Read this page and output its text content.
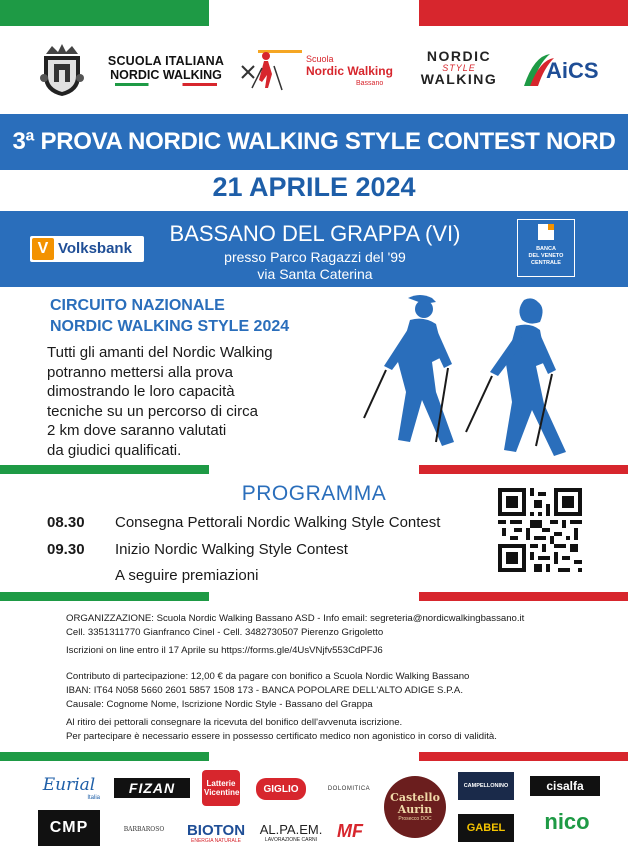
SCUOLA ITALIANA
NORDIC WALKING
Scuola
Nordic Walking
Bassano
NORDIC
STYLE
WALKING	AiCS
3ª PROVA NORDIC WALKING STYLE CONTEST NORD
21 APRILE 2024
V Volksbank
BASSANO DEL GRAPPA (VI)
presso Parco Ragazzi del '99
via Santa Caterina
BANCA
DEL VENETO
CENTRALE
CIRCUITO NAZIONALE
NORDIC WALKING STYLE 2024
Tutti gli amanti del Nordic Walking
potranno mettersi alla prova
dimostrando le loro capacità
tecniche su un percorso di circa
2 km dove saranno valutati
da giudici qualificati.
PROGRAMMA
08.30 Consegna Pettorali Nordic Walking Style Contest
09.30 Inizio Nordic Walking Style Contest
A seguire premiazioni
ORGANIZZAZIONE: Scuola Nordic Walking Bassano ASD - Info email: segreteria@nordicwalkingbassano.it
Cell. 3351311770 Gianfranco Cinel - Cell. 3482730507 Pierenzo Grigoletto
Iscrizioni on line entro il 17 Aprile su https://forms.gle/4UsVNjfv553CdPFJ6
Contributo di partecipazione: 12,00 € da pagare con bonifico a Scuola Nordic Walking Bassano
IBAN: IT64 N058 5660 2601 5857 1508 173 - BANCA POPOLARE DELL'ALTO ADIGE S.P.A.
Causale: Cognome Nome, Iscrizione Nordic Style - Bassano del Grappa
Al ritiro dei pettorali consegnare la ricevuta del bonifico dell'avvenuta iscrizione.
Per partecipare è necessario essere in possesso certificato medico non agonistico in corso di validità.
Eurial
Italia
FIZAN	Latterie Vicentine GIGLIO	DOLOMITICA
Castello Aurin
Prosecco DOC
CAMPELLONINO	cisalfa
CMP	BARBAROSO BIOTON
ENERGIA NATURALE
AL.PA.EM.
LAVORAZIONE CARNI MF	GABEL nico
